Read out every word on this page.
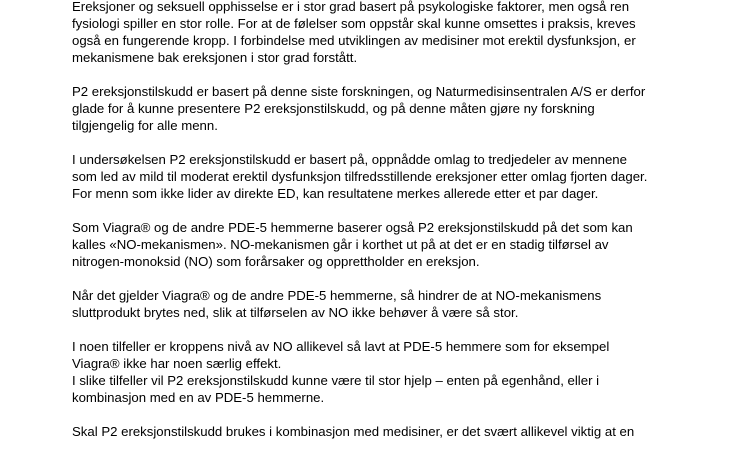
Ereksjoner og seksuell opphisselse er i stor grad basert på psykologiske faktorer, men også ren
fysiologi spiller en stor rolle. For at de følelser som oppstår skal kunne omsettes i praksis, kreves
også en fungerende kropp. I forbindelse med utviklingen av medisiner mot erektil dysfunksjon, er
mekanismene bak ereksjonen i stor grad forstått.
P2 ereksjonstilskudd er basert på denne siste forskningen, og Naturmedisinsentralen A/S er derfor
glade for å kunne presentere P2 ereksjonstilskudd, og på denne måten gjøre ny forskning
tilgjengelig for alle menn.
I undersøkelsen P2 ereksjonstilskudd er basert på, oppnådde omlag to tredjedeler av mennene
som led av mild til moderat erektil dysfunksjon tilfredsstillende ereksjoner etter omlag fjorten dager.
For menn som ikke lider av direkte ED, kan resultatene merkes allerede etter et par dager.
Som Viagra® og de andre PDE-5 hemmerne baserer også P2 ereksjonstilskudd på det som kan
kalles «NO-mekanismen». NO-mekanismen går i korthet ut på at det er en stadig tilførsel av
nitrogen-monoksid (NO) som forårsaker og opprettholder en ereksjon.
Når det gjelder Viagra® og de andre PDE-5 hemmerne, så hindrer de at NO-mekanismens
sluttprodukt brytes ned, slik at tilførselen av NO ikke behøver å være så stor.
I noen tilfeller er kroppens nivå av NO allikevel så lavt at PDE-5 hemmere som for eksempel
Viagra® ikke har noen særlig effekt.
I slike tilfeller vil P2 ereksjonstilskudd kunne være til stor hjelp – enten på egenhånd, eller i
kombinasjon med en av PDE-5 hemmerne.
Skal P2 ereksjonstilskudd brukes i kombinasjon med medisiner, er det svært allikevel viktig at en
